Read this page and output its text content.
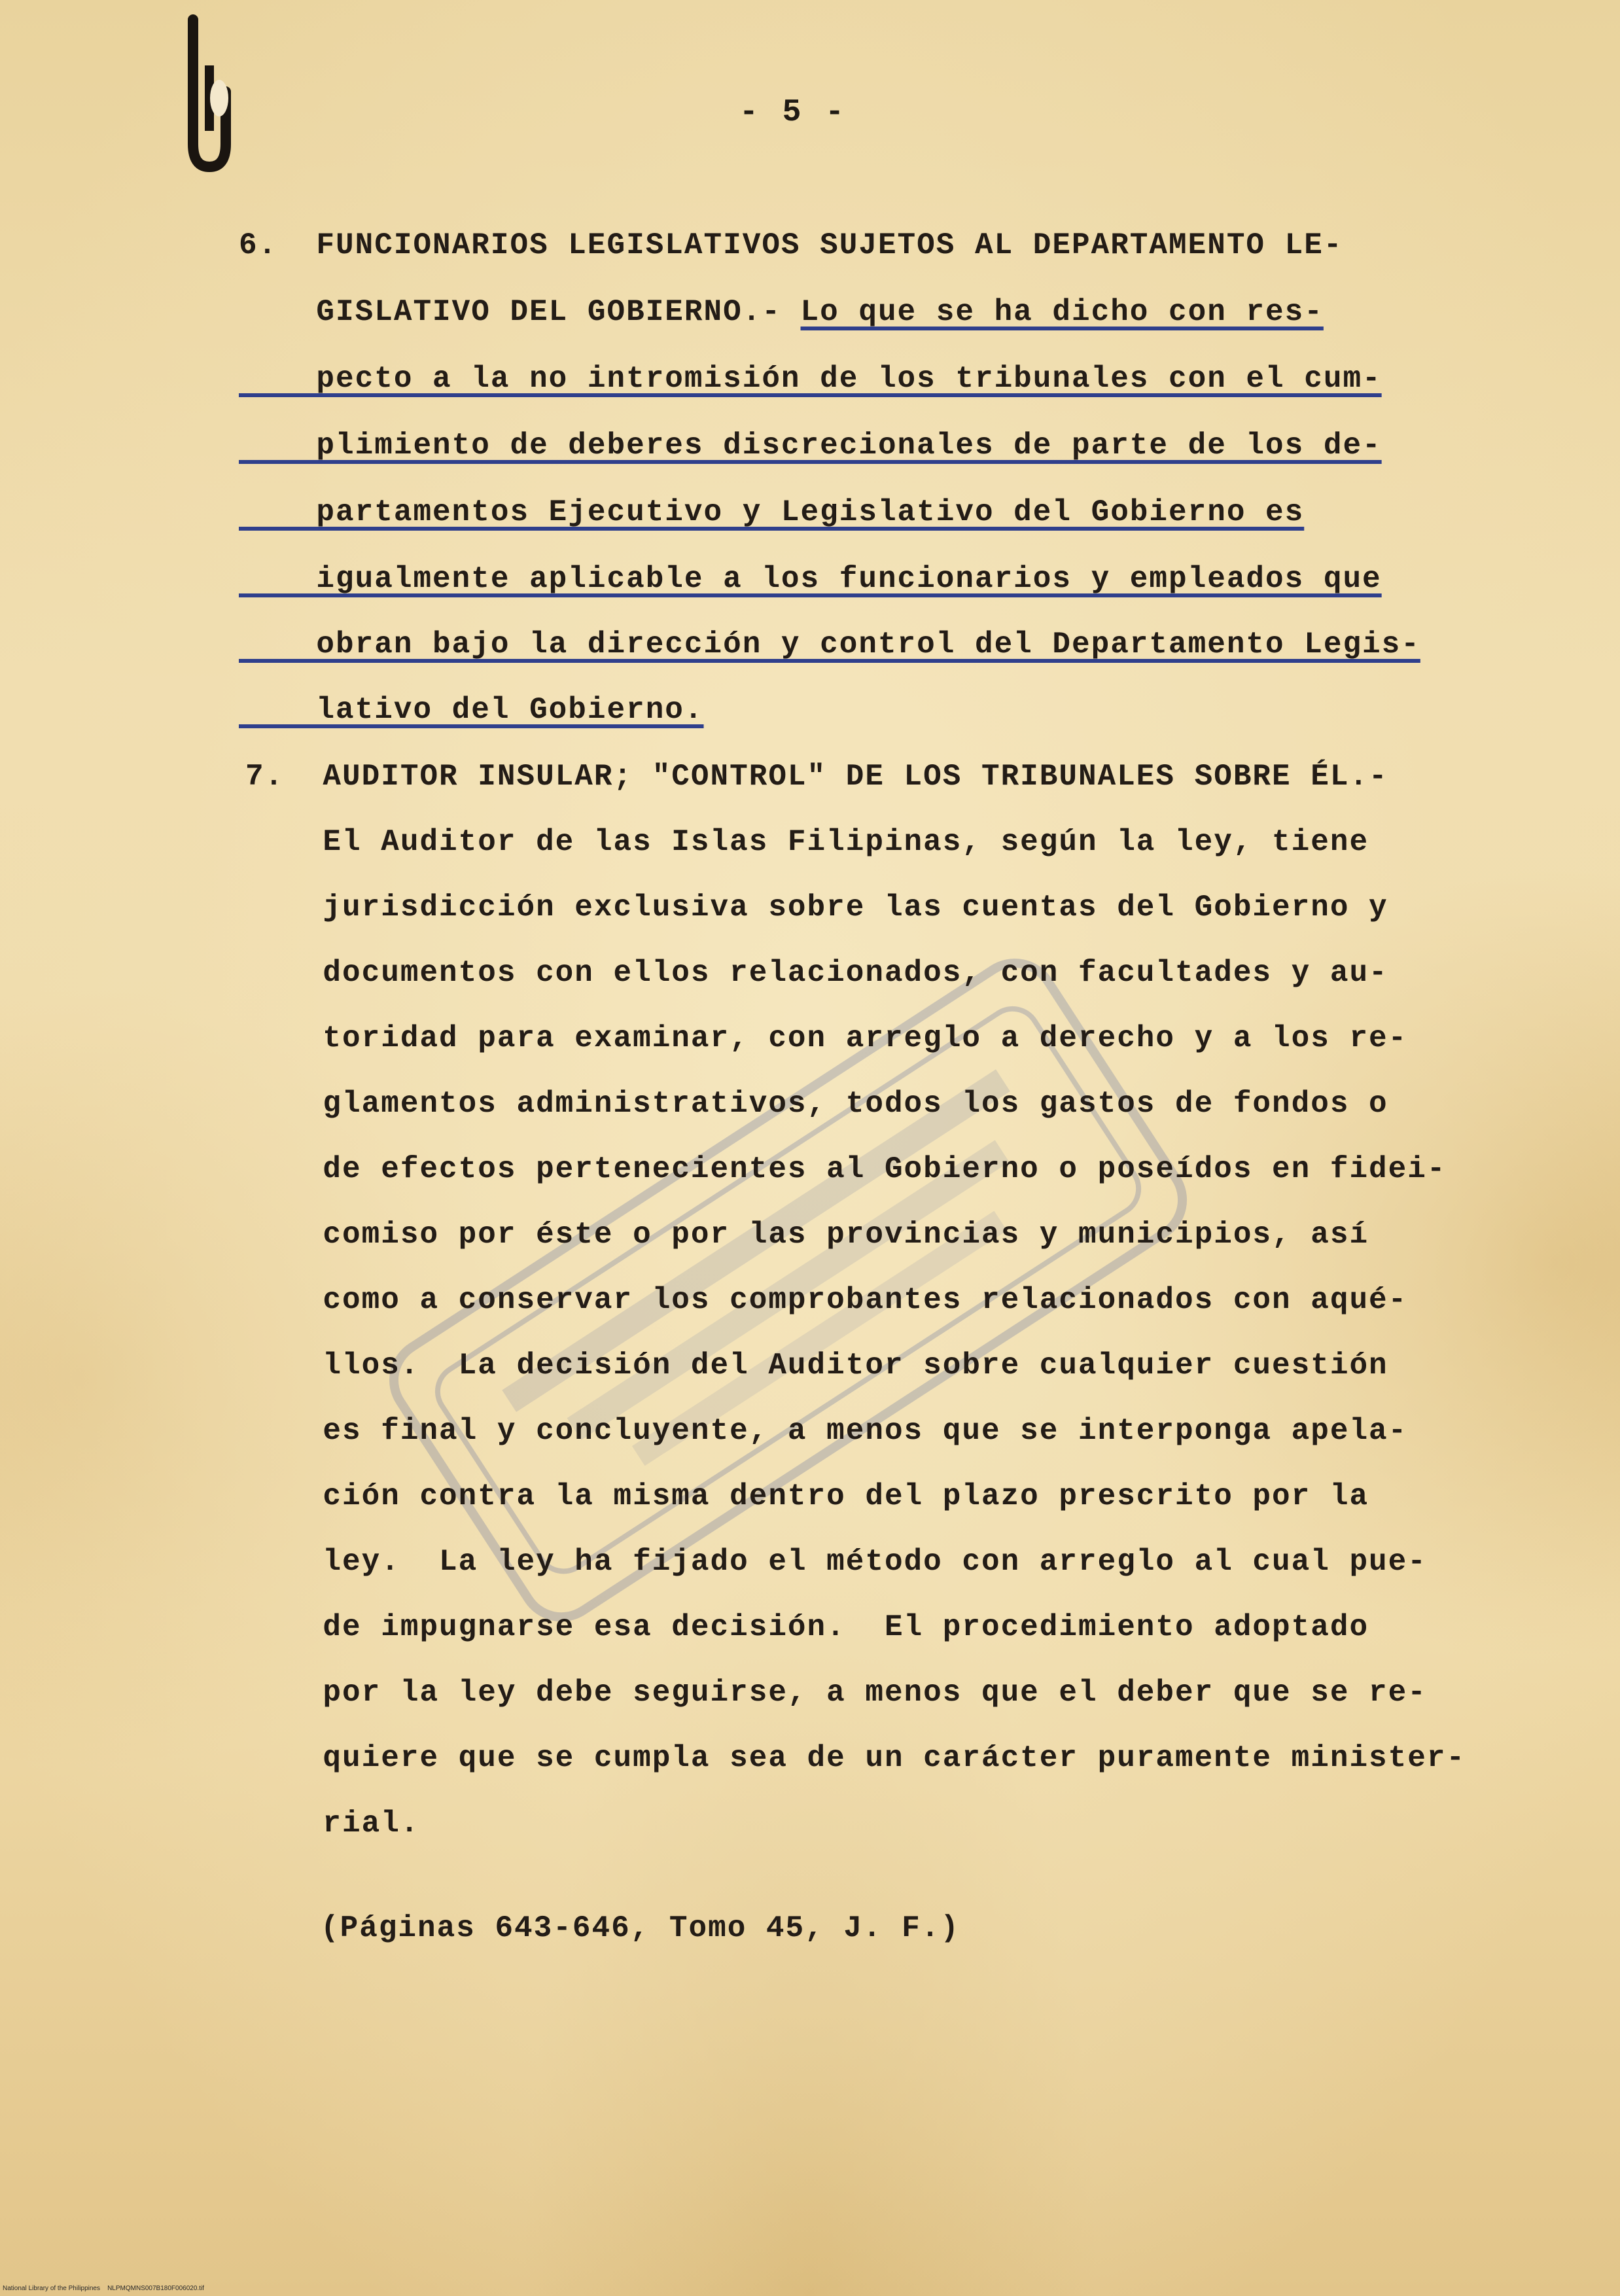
- 5 -
6.  FUNCIONARIOS LEGISLATIVOS SUJETOS AL DEPARTAMENTO LE-
GISLATIVO DEL GOBIERNO.- Lo que se ha dicho con res-
pecto a la no intromisión de los tribunales con el cum-
plimiento de deberes discrecionales de parte de los de-
partamentos Ejecutivo y Legislativo del Gobierno es
igualmente aplicable a los funcionarios y empleados que
obran bajo la dirección y control del Departamento Legis-
lativo del Gobierno.
7.  AUDITOR INSULAR; "CONTROL" DE LOS TRIBUNALES SOBRE ÉL.-
El Auditor de las Islas Filipinas, según la ley, tiene
jurisdicción exclusiva sobre las cuentas del Gobierno y
documentos con ellos relacionados, con facultades y au-
toridad para examinar, con arreglo a derecho y a los re-
glamentos administrativos, todos los gastos de fondos o
de efectos pertenecientes al Gobierno o poseídos en fidei-
comiso por éste o por las provincias y municipios, así
como a conservar los comprobantes relacionados con aqué-
llos.  La decisión del Auditor sobre cualquier cuestión
es final y concluyente, a menos que se interponga apela-
ción contra la misma dentro del plazo prescrito por la
ley.  La ley ha fijado el método con arreglo al cual pue-
de impugnarse esa decisión.  El procedimiento adoptado
por la ley debe seguirse, a menos que el deber que se re-
quiere que se cumpla sea de un carácter puramente minister-
rial.
(Páginas 643-646, Tomo 45, J. F.)
National Library of the Philippines    NLPMQMNS007B180F006020.tif
